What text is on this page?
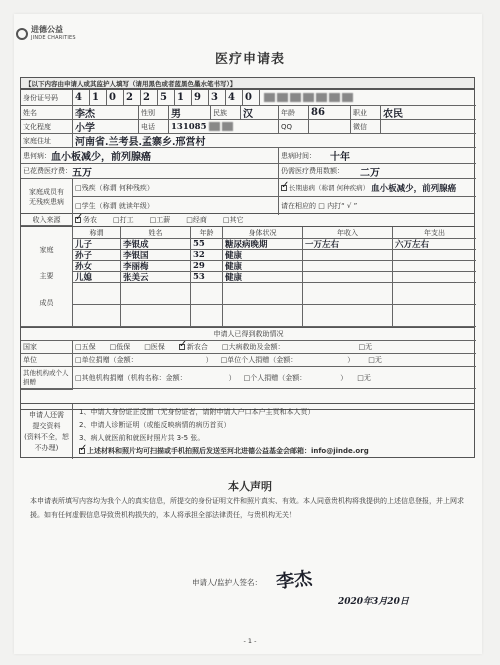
进德公益
JINDE CHARITIES
医疗申请表
【以下内容由申请人或其监护人填写（请用黑色或者蓝黑色墨水笔书写）】
身份证号码 4 1 0 2 2 5 1 9 3 4 0
姓名	李杰	性别 男	民族 汉	年龄 86	职业 农民
文化程度 小学	电话 131085	QQ	微信
家庭住址 河南省.兰考县.孟寨乡.邢営村
患何病： 血小板减少，前列腺癌	患病时间： 十年
已花费医疗费： 五万	仍需医疗费用数额： 二万
家庭成员有
无残疾患病
□残疾（称谓 何种残疾） ✓	长期患病（称谓 何种疾病） 血小板减少，前列腺癌
□学生（称谓 就读年级）	请在相应的 □ 内打“ √ ”
收入来源 ✓	务农 □打工 □工薪 □经商 □其它
家庭
主要
成员
称谓	姓名	年龄	身体状况	年收入	年支出
儿子	李银成	55 糖尿病晚期	一万左右	六万左右
孙子	李银国	32 健康
孙女	李丽梅	29 健康
儿媳	张美云	53 健康
申请人已得到救助情况
国家	□五保 □低保 □医保 ✓	新农合 □大病救助及金额：	□无
单位	□单位捐赠（金额：	） □单位个人捐赠（金额：	） □无
其他机构或个人捐赠	□其他机构捐赠（机构名称：金额：	） □个人捐赠（金额：	） □无
申请人还需
提交资料
(资料不全，恕
不办理)
1、申请人身份证正反面（无身份证者，请附申请人户口本户主页和本人页）
2、申请人诊断证明（或能反映病情的病历首页）
3、病人就医前和就医时照片共 3-5 张。
✓上述材料和照片均可扫描或手机拍照后发送至河北进德公益基金会邮箱：info@jinde.org
本人声明
本申请表所填写内容均为我个人的真实信息，所提交的身份证明文件和照片真实、有效。本人同意贵机构将我提供的上述信息登报，并上网求援。如有任何虚假信息导致贵机构损失的，本人将承担全部法律责任，与贵机构无关！
申请人/监护人签名： 李杰
2020年3月20日
- 1 -
